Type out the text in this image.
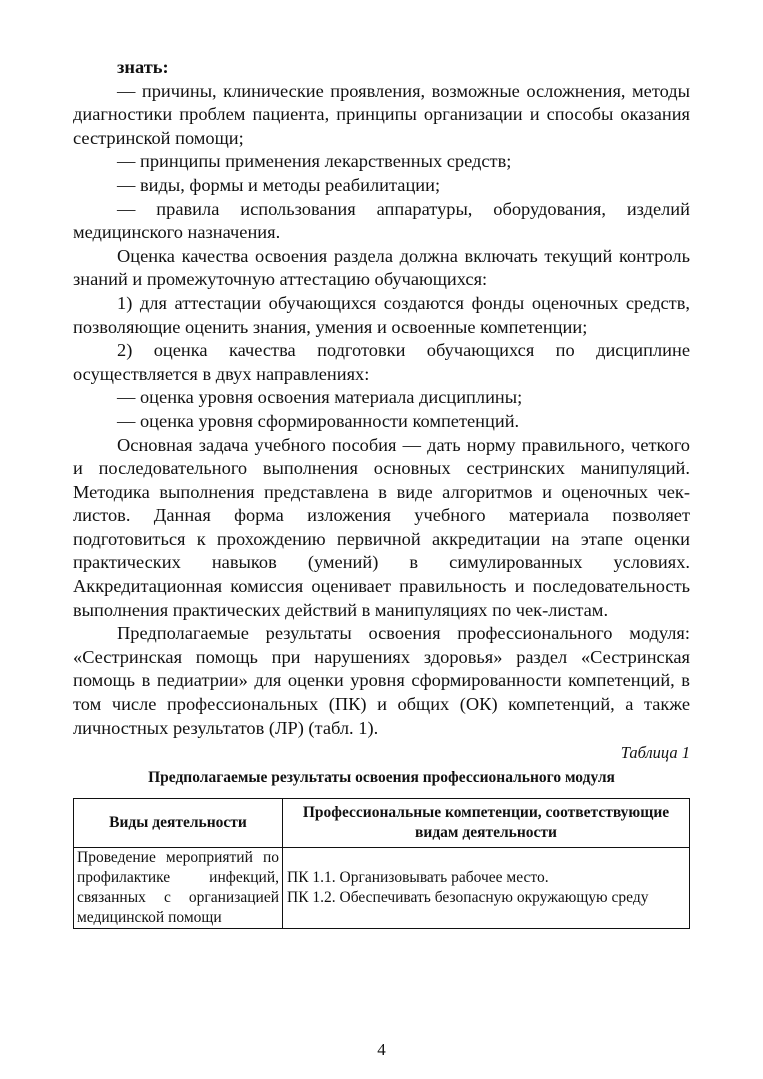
знать:

— причины, клинические проявления, возможные осложнения, методы диагностики проблем пациента, принципы организации и способы оказания сестринской помощи;

— принципы применения лекарственных средств;

— виды, формы и методы реабилитации;

— правила использования аппаратуры, оборудования, изделий медицинского назначения.

Оценка качества освоения раздела должна включать текущий контроль знаний и промежуточную аттестацию обучающихся:

1) для аттестации обучающихся создаются фонды оценочных средств, позволяющие оценить знания, умения и освоенные компетенции;

2) оценка качества подготовки обучающихся по дисциплине осуществляется в двух направлениях:

— оценка уровня освоения материала дисциплины;

— оценка уровня сформированности компетенций.

Основная задача учебного пособия — дать норму правильного, четкого и последовательного выполнения основных сестринских манипуляций. Методика выполнения представлена в виде алгоритмов и оценочных чек-листов. Данная форма изложения учебного материала позволяет подготовиться к прохождению первичной аккредитации на этапе оценки практических навыков (умений) в симулированных условиях. Аккредитационная комиссия оценивает правильность и последовательность выполнения практических действий в манипуляциях по чек-листам.

Предполагаемые результаты освоения профессионального модуля: «Сестринская помощь при нарушениях здоровья» раздел «Сестринская помощь в педиатрии» для оценки уровня сформированности компетенций, в том числе профессиональных (ПК) и общих (ОК) компетенций, а также личностных результатов (ЛР) (табл. 1).

Таблица 1
Предполагаемые результаты освоения профессионального модуля
Виды деятельности	Профессиональные компетенции, соответствующие видам деятельности
Проведение мероприятий по профилактике инфекций, связанных с организацией медицинской помощи	ПК 1.1. Организовывать рабочее место.
ПК 1.2. Обеспечивать безопасную окружающую среду
4
